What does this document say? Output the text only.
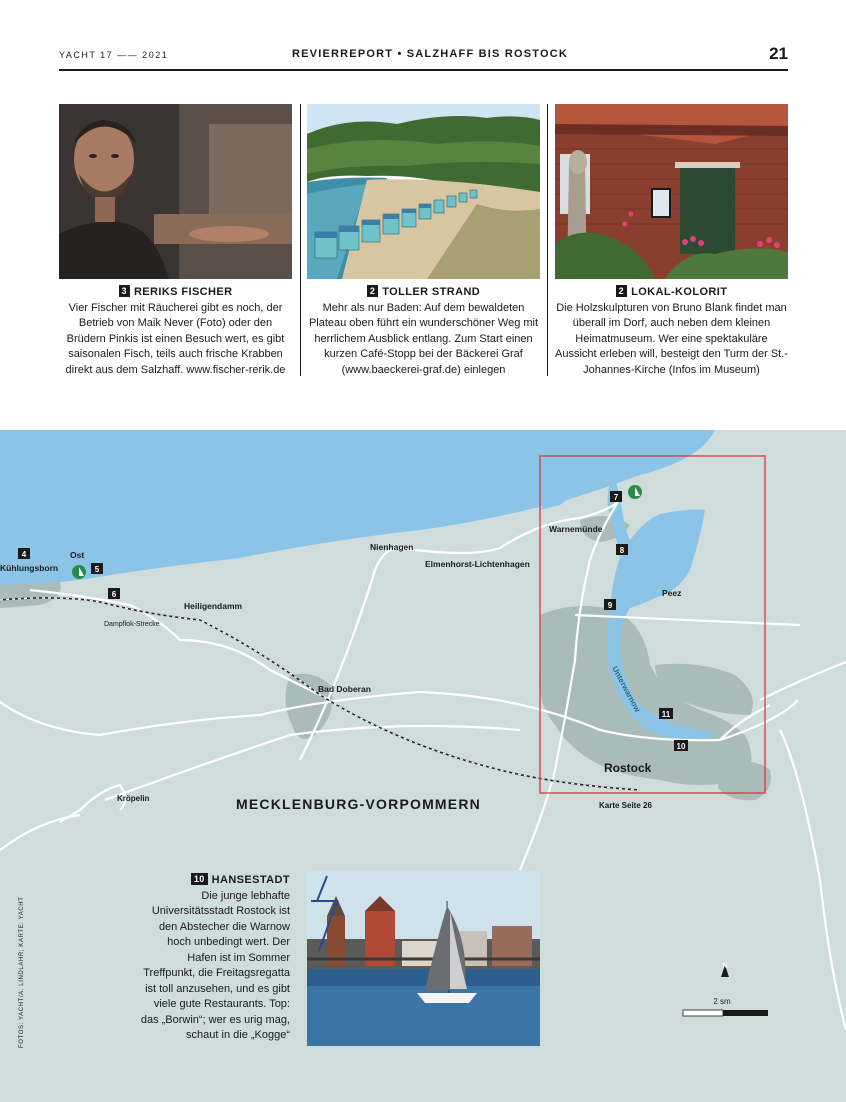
YACHT 17 —— 2021	REVIERREPORT • SALZHAFF BIS ROSTOCK	21
3 RERIKS FISCHER
Vier Fischer mit Räucherei gibt es noch, der Betrieb von Maik Never (Foto) oder den Brüdern Pinkis ist einen Besuch wert, es gibt saisonalen Fisch, teils auch frische Krabben direkt aus dem Salzhaff. www.fischer-rerik.de
2 TOLLER STRAND
Mehr als nur Baden: Auf dem bewaldeten Plateau oben führt ein wunderschöner Weg mit herrlichem Ausblick entlang. Zum Start einen kurzen Café-Stopp bei der Bäckerei Graf (www.baeckerei-graf.de) einlegen
2 LOKAL-KOLORIT
Die Holzskulpturen von Bruno Blank findet man überall im Dorf, auch neben dem kleinen Heimatmuseum. Wer eine spektakuläre Aussicht erleben will, besteigt den Turm der St.-Johannes-Kirche (Infos im Museum)
4
5
6
7
8
9
10
11
Kühlungsborn
Ost
Heiligendamm
Nienhagen
Elmenhorst-Lichtenhagen
Warnemünde
Peez
Bad Doberan
Rostock
Kröpelin
Dampflok-Strecke
Unterwarnow
Karte Seite 26
MECKLENBURG-VORPOMMERN
N
2 sm
10 HANSESTADT
Die junge lebhafte Universitätsstadt Rostock ist den Abstecher die Warnow hoch unbedingt wert. Der Hafen ist im Sommer Treffpunkt, die Freitagsregatta ist toll anzusehen, und es gibt viele gute Restaurants. Top: das „Borwin“; wer es urig mag, schaut in die „Kogge“
FOTOS: YACHT/A. LINDLAHR; KARTE: YACHT
